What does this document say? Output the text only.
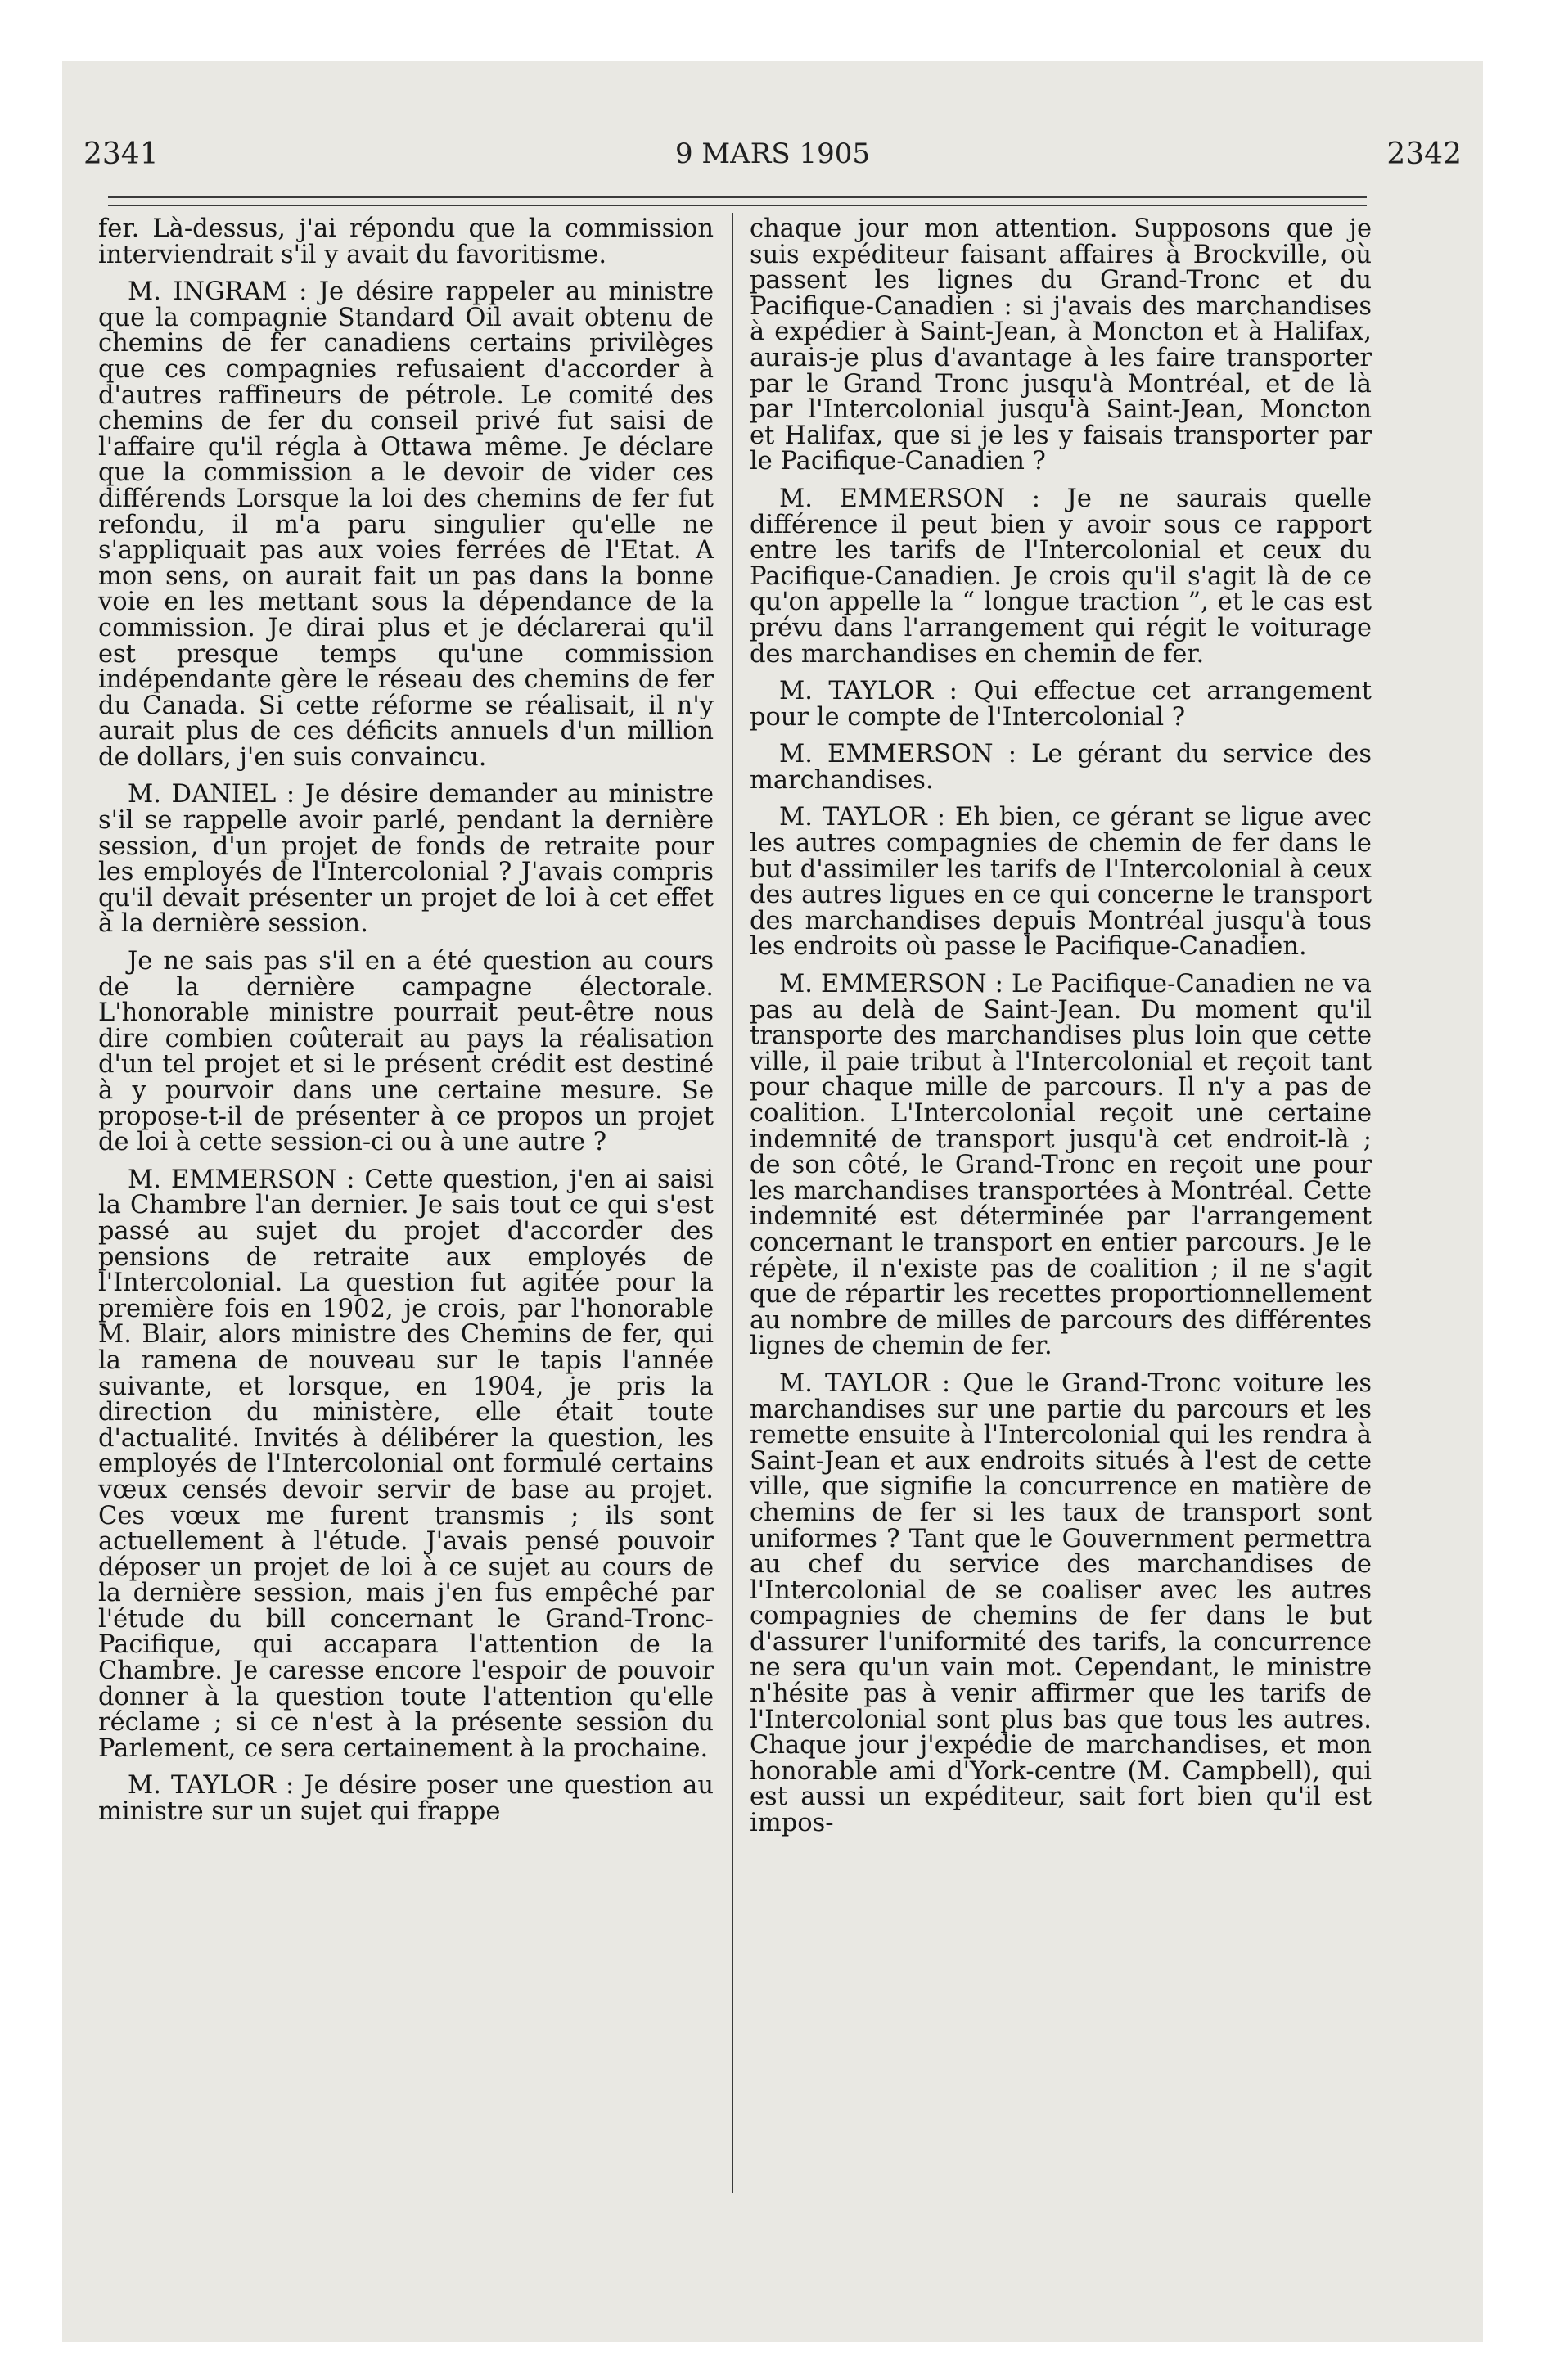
2341	9 MARS 1905	2342

fer. Là-dessus, j'ai répondu que la commission interviendrait s'il y avait du favoritisme.

M. INGRAM : Je désire rappeler au ministre que la compagnie Standard Oil avait obtenu de chemins de fer canadiens certains privilèges que ces compagnies refusaient d'accorder à d'autres raffineurs de pétrole. Le comité des chemins de fer du conseil privé fut saisi de l'affaire qu'il régla à Ottawa même. Je déclare que la commission a le devoir de vider ces différends Lorsque la loi des chemins de fer fut refondu, il m'a paru singulier qu'elle ne s'appliquait pas aux voies ferrées de l'Etat. A mon sens, on aurait fait un pas dans la bonne voie en les mettant sous la dépendance de la commission. Je dirai plus et je déclarerai qu'il est presque temps qu'une commission indépendante gère le réseau des chemins de fer du Canada. Si cette réforme se réalisait, il n'y aurait plus de ces déficits annuels d'un million de dollars, j'en suis convaincu.

M. DANIEL : Je désire demander au ministre s'il se rappelle avoir parlé, pendant la dernière session, d'un projet de fonds de retraite pour les employés de l'Intercolonial ? J'avais compris qu'il devait présenter un projet de loi à cet effet à la dernière session.

Je ne sais pas s'il en a été question au cours de la dernière campagne électorale. L'honorable ministre pourrait peut-être nous dire combien coûterait au pays la réalisation d'un tel projet et si le présent crédit est destiné à y pourvoir dans une certaine mesure. Se propose-t-il de présenter à ce propos un projet de loi à cette session-ci ou à une autre ?

M. EMMERSON : Cette question, j'en ai saisi la Chambre l'an dernier. Je sais tout ce qui s'est passé au sujet du projet d'accorder des pensions de retraite aux employés de l'Intercolonial. La question fut agitée pour la première fois en 1902, je crois, par l'honorable M. Blair, alors ministre des Chemins de fer, qui la ramena de nouveau sur le tapis l'année suivante, et lorsque, en 1904, je pris la direction du ministère, elle était toute d'actualité. Invités à délibérer la question, les employés de l'Intercolonial ont formulé certains vœux censés devoir servir de base au projet. Ces vœux me furent transmis ; ils sont actuellement à l'étude. J'avais pensé pouvoir déposer un projet de loi à ce sujet au cours de la dernière session, mais j'en fus empêché par l'étude du bill concernant le Grand-Tronc-Pacifique, qui accapara l'attention de la Chambre. Je caresse encore l'espoir de pouvoir donner à la question toute l'attention qu'elle réclame ; si ce n'est à la présente session du Parlement, ce sera certainement à la prochaine.

M. TAYLOR : Je désire poser une question au ministre sur un sujet qui frappe

chaque jour mon attention. Supposons que je suis expéditeur faisant affaires à Brockville, où passent les lignes du Grand-Tronc et du Pacifique-Canadien : si j'avais des marchandises à expédier à Saint-Jean, à Moncton et à Halifax, aurais-je plus d'avantage à les faire transporter par le Grand Tronc jusqu'à Montréal, et de là par l'Intercolonial jusqu'à Saint-Jean, Moncton et Halifax, que si je les y faisais transporter par le Pacifique-Canadien ?

M. EMMERSON : Je ne saurais quelle différence il peut bien y avoir sous ce rapport entre les tarifs de l'Intercolonial et ceux du Pacifique-Canadien. Je crois qu'il s'agit là de ce qu'on appelle la “ longue traction ”, et le cas est prévu dans l'arrangement qui régit le voiturage des marchandises en chemin de fer.

M. TAYLOR : Qui effectue cet arrangement pour le compte de l'Intercolonial ?

M. EMMERSON : Le gérant du service des marchandises.

M. TAYLOR : Eh bien, ce gérant se ligue avec les autres compagnies de chemin de fer dans le but d'assimiler les tarifs de l'Intercolonial à ceux des autres ligues en ce qui concerne le transport des marchandises depuis Montréal jusqu'à tous les endroits où passe le Pacifique-Canadien.

M. EMMERSON : Le Pacifique-Canadien ne va pas au delà de Saint-Jean. Du moment qu'il transporte des marchandises plus loin que cette ville, il paie tribut à l'Intercolonial et reçoit tant pour chaque mille de parcours. Il n'y a pas de coalition. L'Intercolonial reçoit une certaine indemnité de transport jusqu'à cet endroit-là ; de son côté, le Grand-Tronc en reçoit une pour les marchandises transportées à Montréal. Cette indemnité est déterminée par l'arrangement concernant le transport en entier parcours. Je le répète, il n'existe pas de coalition ; il ne s'agit que de répartir les recettes proportionnellement au nombre de milles de parcours des différentes lignes de chemin de fer.

M. TAYLOR : Que le Grand-Tronc voiture les marchandises sur une partie du parcours et les remette ensuite à l'Intercolonial qui les rendra à Saint-Jean et aux endroits situés à l'est de cette ville, que signifie la concurrence en matière de chemins de fer si les taux de transport sont uniformes ? Tant que le Gouvernment permettra au chef du service des marchandises de l'Intercolonial de se coaliser avec les autres compagnies de chemins de fer dans le but d'assurer l'uniformité des tarifs, la concurrence ne sera qu'un vain mot. Cependant, le ministre n'hésite pas à venir affirmer que les tarifs de l'Intercolonial sont plus bas que tous les autres. Chaque jour j'expédie de marchandises, et mon honorable ami d'York-centre (M. Campbell), qui est aussi un expéditeur, sait fort bien qu'il est impos-
